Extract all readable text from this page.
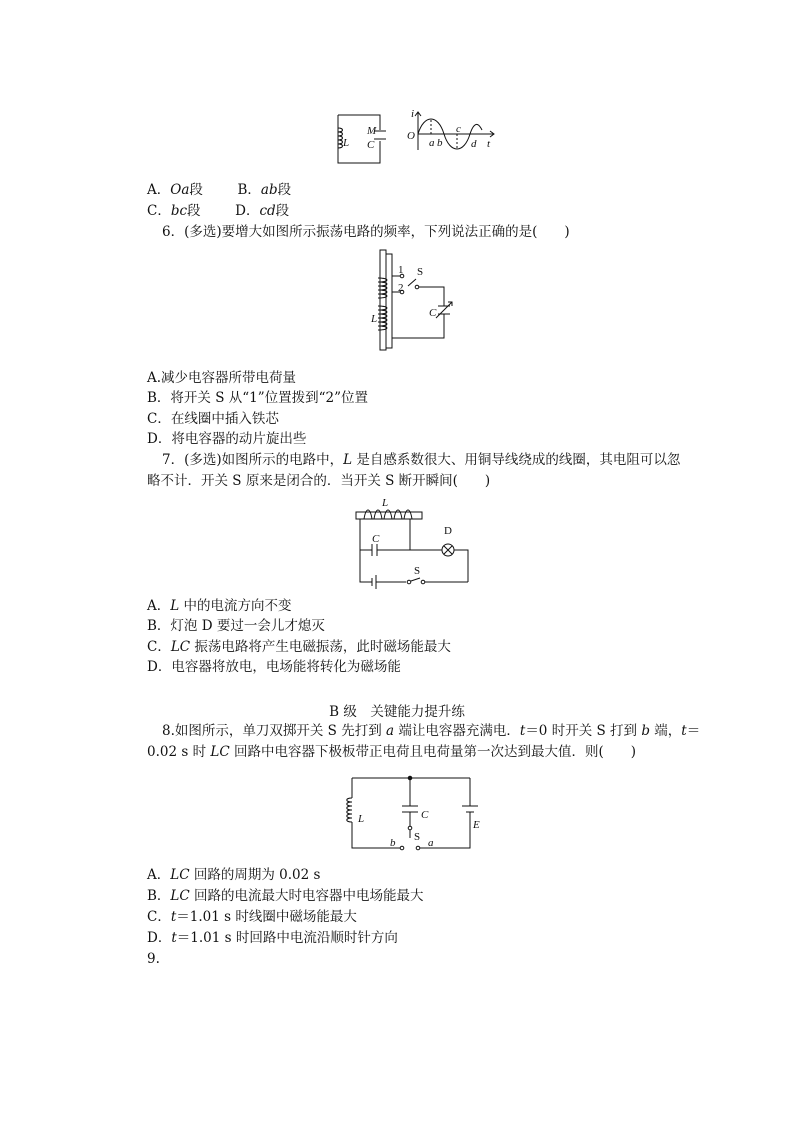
L
M
C
i
O
a b
c
d t
A．Oa段	B．ab段
C．bc段	D．cd段
6．(多选)要增大如图所示振荡电路的频率，下列说法正确的是(　　)
1
2
S
L	C
A.减少电容器所带电荷量
B．将开关 S 从“1”位置拨到“2”位置
C．在线圈中插入铁芯
D．将电容器的动片旋出些
7．(多选)如图所示的电路中，L 是自感系数很大、用铜导线绕成的线圈，其电阻可以忽
略不计．开关 S 原来是闭合的．当开关 S 断开瞬间(　　)
L
C
D
S
A．L 中的电流方向不变
B．灯泡 D 要过一会儿才熄灭
C．LC 振荡电路将产生电磁振荡，此时磁场能最大
D．电容器将放电，电场能将转化为磁场能
B 级　关键能力提升练
8.如图所示，单刀双掷开关 S 先打到 a 端让电容器充满电．t＝0 时开关 S 打到 b 端，t＝
0.02 s 时 LC 回路中电容器下极板带正电荷且电荷量第一次达到最大值．则(　　)
L	C
S
b	a
E
A．LC 回路的周期为 0.02 s
B．LC 回路的电流最大时电容器中电场能最大
C．t＝1.01 s 时线圈中磁场能最大
D．t＝1.01 s 时回路中电流沿顺时针方向
9.
